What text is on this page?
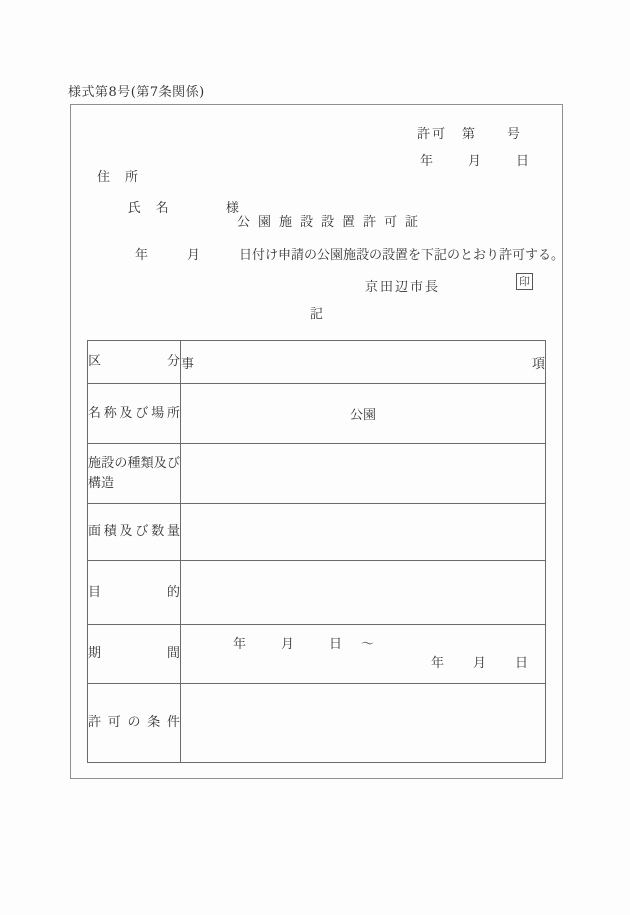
様式第8号(第7条関係)
許可　第　　号
年　　月　　日
住　所

氏　名	様

公園施設設置許可証
年　　　月　　　日付け申請の公園施設の設置を下記のとおり許可する。
京田辺市長	印
記
区分	事項
名称及び場所	公園
施設の種類及び構造	
面積及び数量	
目的	
期間	年　　月　　日　～
年　　月　　日

許可の条件	
